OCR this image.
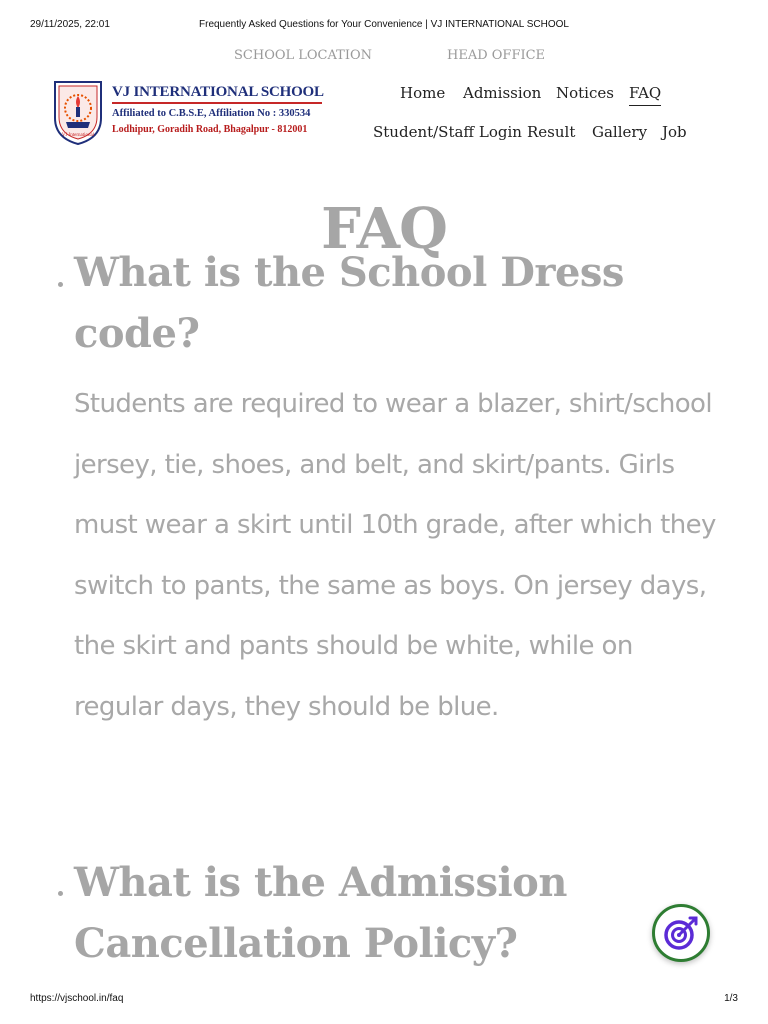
29/11/2025, 22:01	Frequently Asked Questions for Your Convenience | VJ INTERNATIONAL SCHOOL
SCHOOL LOCATION	HEAD OFFICE
VJ International
VJ INTERNATIONAL SCHOOL
Affiliated to C.B.S.E, Affiliation No : 330534
Lodhipur, Goradih Road, Bhagalpur - 812001
Home Admission Notices FAQ
Student/Staff Login Result Gallery Job
FAQ
What is the School Dress code?

Students are required to wear a blazer, shirt/school jersey, tie, shoes, and belt, and skirt/pants. Girls must wear a skirt until 10th grade, after which they switch to pants, the same as boys. On jersey days, the skirt and pants should be white, while on regular days, they should be blue.

What is the Admission Cancellation Policy?
https://vjschool.in/faq	1/3
